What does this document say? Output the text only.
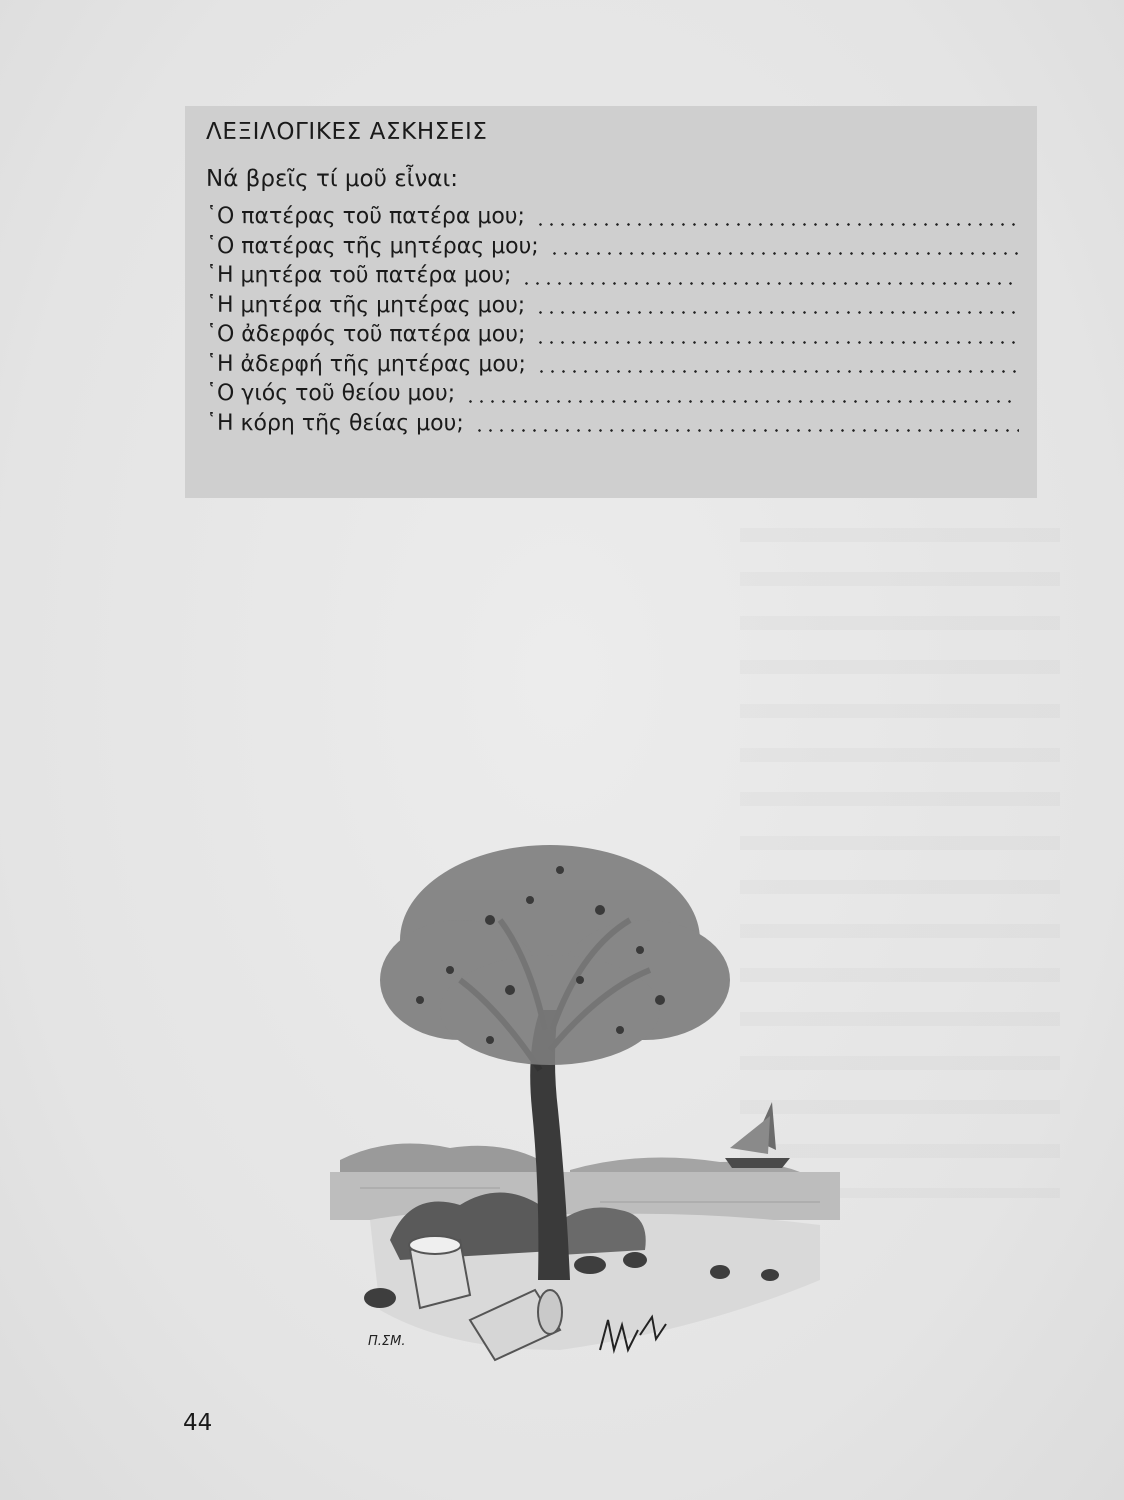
ΛΕΞΙΛΟΓΙΚΕΣ ΑΣΚΗΣΕΙΣ
Νά βρεῖς τί μοῦ εἶναι:
῾Ο πατέρας τοῦ πατέρα μου;
῾Ο πατέρας τῆς μητέρας μου;
῾Η μητέρα τοῦ πατέρα μου;
῾Η μητέρα τῆς μητέρας μου;
῾Ο ἀδερφός τοῦ πατέρα μου;
῾Η ἀδερφή τῆς μητέρας μου;
῾Ο γιός τοῦ θείου μου;
῾Η κόρη τῆς θείας μου;
Π.ΣΜ.
44
